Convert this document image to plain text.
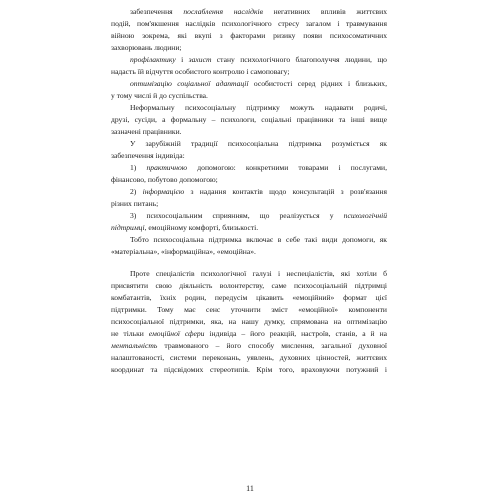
забезпечення послаблення наслідків негативних впливів життєвих
подій, пом'якшення наслідків психологічного стресу загалом і травмування
війною зокрема, які вкупі з факторами ризику появи психосоматичних
захворювань людини;
профілактику і захист стану психологічного благополуччя людини, що
надасть їй відчуття особистого контролю і самоповагу;
оптимізацію соціальної адаптації особистості серед рідних і близьких,
у тому числі й до суспільства.
Неформальну психосоціальну підтримку можуть надавати родичі,
друзі, сусіди, а формальну – психологи, соціальні працівники та інші вище
зазначені працівники.
У зарубіжній традиції психосоціальна підтримка розуміється як
забезпечення індивіда:
1) практичною допомогою: конкретними товарами і послугами,
фінансово, побутово допомогою;
2) інформацією з надання контактів щодо консультацій з розв'язання
різних питань;
3) психосоціальним сприянням, що реалізується у психологічній
підтримці, емоційному комфорті, близькості.
Тобто психосоціальна підтримка включає в себе такі види допомоги, як
«матеріальна», «інформаційна», «емоційна».
Проте спеціалістів психологічної галузі і неспеціалістів, які хотіли б
присвятити свою діяльність волонтерству, саме психосоціальній підтримці
комбатантів, їхніх родин, передусім цікавить «емоційний» формат цієї
підтримки. Тому має сенс уточнити зміст «емоційної» компоненти
психосоціальної підтримки, яка, на нашу думку, спрямована на оптимізацію
не тільки емоційної сфери індивіда – його реакцій, настроїв, станів, а й на
ментальність травмованого – його способу мислення, загальної духовної
налаштованості, системи переконань, уявлень, духовних цінностей, життєвих
координат та підсвідомих стереотипів. Крім того, враховуючи потужний і
11
